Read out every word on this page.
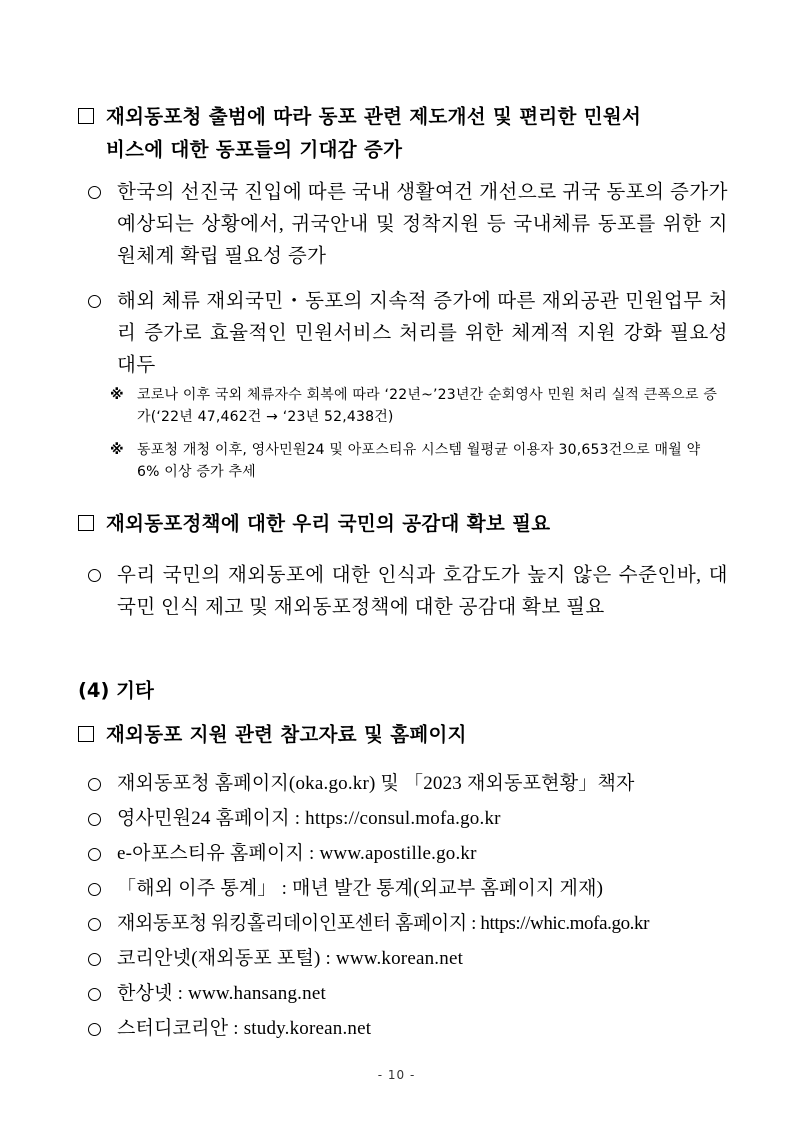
재외동포청 출범에 따라 동포 관련 제도개선 및 편리한 민원서
비스에 대한 동포들의 기대감 증가
한국의 선진국 진입에 따른 국내 생활여건 개선으로 귀국 동포의 증가가 예상되는 상황에서, 귀국안내 및 정착지원 등 국내체류 동포를 위한 지원체계 확립 필요성 증가
해외 체류 재외국민・동포의 지속적 증가에 따른 재외공관 민원업무 처리 증가로 효율적인 민원서비스 처리를 위한 체계적 지원 강화 필요성 대두
※ 코로나 이후 국외 체류자수 회복에 따라 ‘22년~’23년간 순회영사 민원 처리 실적 큰폭으로 증가(‘22년 47,462건 → ‘23년 52,438건)
※ 동포청 개청 이후, 영사민원24 및 아포스티유 시스템 월평균 이용자 30,653건으로 매월 약 6% 이상 증가 추세
재외동포정책에 대한 우리 국민의 공감대 확보 필요
우리 국민의 재외동포에 대한 인식과 호감도가 높지 않은 수준인바, 대국민 인식 제고 및 재외동포정책에 대한 공감대 확보 필요
(4) 기타
재외동포 지원 관련 참고자료 및 홈페이지
재외동포청 홈페이지(oka.go.kr) 및 「2023 재외동포현황」책자
영사민원24 홈페이지 : https://consul.mofa.go.kr
e-아포스티유 홈페이지 : www.apostille.go.kr
「해외 이주 통계」 : 매년 발간 통계(외교부 홈페이지 게재)
재외동포청 워킹홀리데이인포센터 홈페이지 : https://whic.mofa.go.kr
코리안넷(재외동포 포털) : www.korean.net
한상넷 : www.hansang.net
스터디코리안 : study.korean.net
- 10 -
